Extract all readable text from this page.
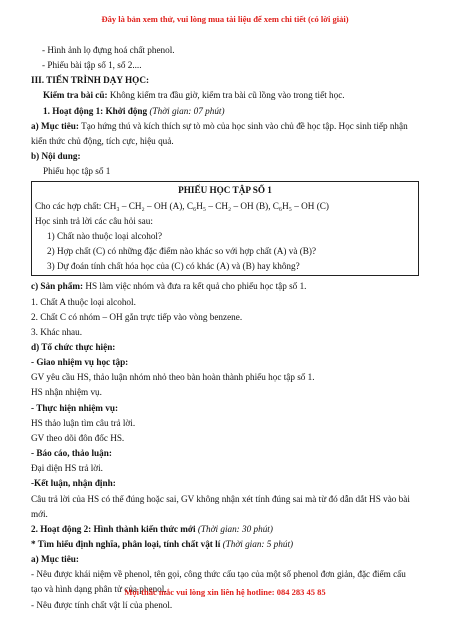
Đây là bản xem thử, vui lòng mua tài liệu để xem chi tiết (có lời giải)
- Hình ảnh lọ đựng hoá chất phenol.
- Phiếu bài tập số 1, số 2....
III. TIẾN TRÌNH DẠY HỌC:
Kiểm tra bài cũ: Không kiểm tra đầu giờ, kiểm tra bài cũ lồng vào trong tiết học.
1. Hoạt động 1: Khởi động (Thời gian: 07 phút)
a) Mục tiêu: Tạo hứng thú và kích thích sự tò mò của học sinh vào chủ đề học tập. Học sinh tiếp nhận kiến thức chủ động, tích cực, hiệu quả.
b) Nội dung:
Phiếu học tập số 1
PHIẾU HỌC TẬP SỐ 1
Cho các hợp chất: CH₃ – CH₂ – OH (A), C₆H₅ – CH₂ – OH (B), C₆H₅ – OH (C)
Học sinh trả lời các câu hỏi sau:
1) Chất nào thuộc loại alcohol?
2) Hợp chất (C) có những đặc điểm nào khác so với hợp chất (A) và (B)?
3) Dự đoán tính chất hóa học của (C) có khác (A) và (B) hay không?
c) Sản phẩm: HS làm việc nhóm và đưa ra kết quả cho phiếu học tập số 1.
1. Chất A thuộc loại alcohol.
2. Chất C có nhóm – OH gắn trực tiếp vào vòng benzene.
3. Khác nhau.
d) Tổ chức thực hiện:
- Giao nhiệm vụ học tập:
GV yêu cầu HS, thảo luận nhóm nhỏ theo bàn hoàn thành phiếu học tập số 1.
HS nhận nhiệm vụ.
- Thực hiện nhiệm vụ:
HS thảo luận tìm câu trả lời.
GV theo dõi đôn đốc HS.
- Báo cáo, thảo luận:
Đại diện HS trả lời.
-Kết luận, nhận định:
Câu trả lời của HS có thể đúng hoặc sai, GV không nhận xét tính đúng sai mà từ đó dẫn dắt HS vào bài mới.
2. Hoạt động 2: Hình thành kiến thức mới (Thời gian: 30 phút)
* Tìm hiểu định nghĩa, phân loại, tính chất vật lí (Thời gian: 5 phút)
a) Mục tiêu:
- Nêu được khái niệm về phenol, tên gọi, công thức cấu tạo của một số phenol đơn giản, đặc điểm cấu tạo và hình dạng phân tử của phenol.
- Nêu được tính chất vật lí của phenol.
Mọi thắc mắc vui lòng xin liên hệ hotline: 084 283 45 85
